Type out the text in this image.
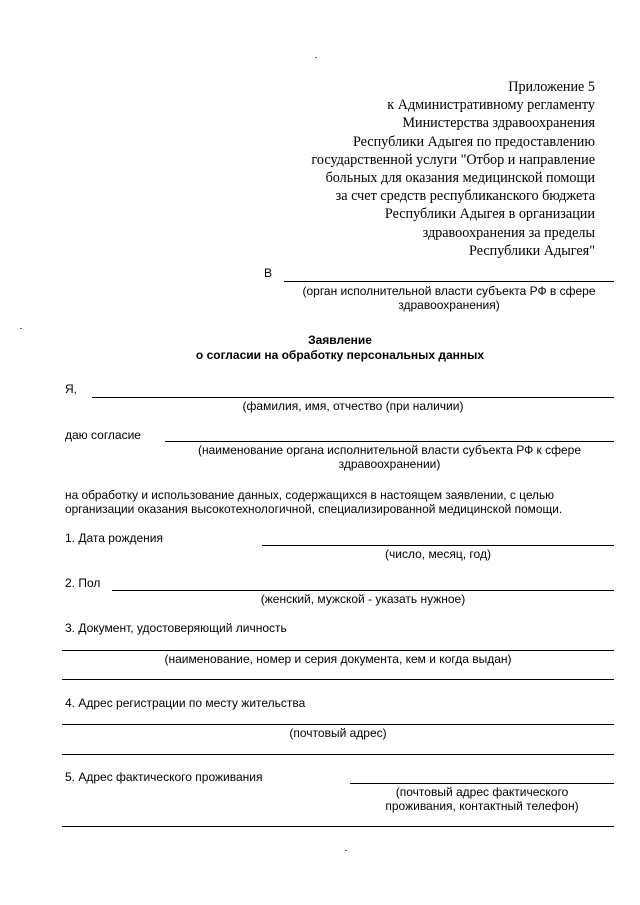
Приложение 5
к Административному регламенту
Министерства здравоохранения
Республики Адыгея по предоставлению
государственной услуги "Отбор и направление
больных для оказания медицинской помощи
за счет средств республиканского бюджета
Республики Адыгея в организации
здравоохранения за пределы
Республики Адыгея"
В
(орган исполнительной власти субъекта РФ в сфере
здравоохранения)
Заявление
о согласии на обработку персональных данных
Я,
(фамилия, имя, отчество (при наличии)
даю согласие
(наименование органа исполнительной власти субъекта РФ к сфере
здравоохранении)
на обработку и использование данных, содержащихся в настоящем заявлении, с целью
организации оказания высокотехнологичной, специализированной медицинской помощи.
1. Дата рождения
(число, месяц, год)
2. Пол
(женский, мужской - указать нужное)
3. Документ, удостоверяющий личность
(наименование, номер и серия документа, кем и когда выдан)
4. Адрес регистрации по месту жительства
(почтовый адрес)
5. Адрес фактического проживания
(почтовый адрес фактического
проживания, контактный телефон)
